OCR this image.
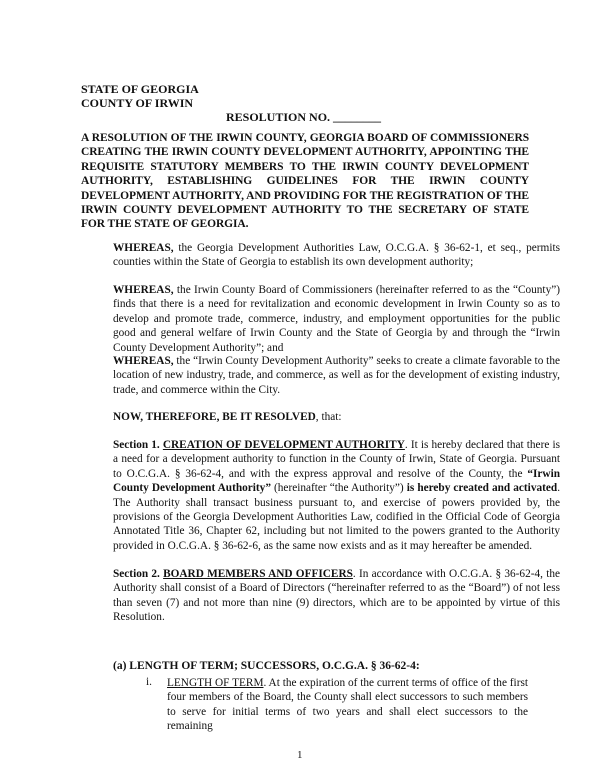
STATE OF GEORGIA
COUNTY OF IRWIN
RESOLUTION NO. ________
A RESOLUTION OF THE IRWIN COUNTY, GEORGIA BOARD OF COMMISSIONERS CREATING THE IRWIN COUNTY DEVELOPMENT AUTHORITY, APPOINTING THE REQUISITE STATUTORY MEMBERS TO THE IRWIN COUNTY DEVELOPMENT AUTHORITY, ESTABLISHING GUIDELINES FOR THE IRWIN COUNTY DEVELOPMENT AUTHORITY, AND PROVIDING FOR THE REGISTRATION OF THE IRWIN COUNTY DEVELOPMENT AUTHORITY TO THE SECRETARY OF STATE FOR THE STATE OF GEORGIA.
WHEREAS, the Georgia Development Authorities Law, O.C.G.A. § 36-62-1, et seq., permits counties within the State of Georgia to establish its own development authority;
WHEREAS, the Irwin County Board of Commissioners (hereinafter referred to as the “County”) finds that there is a need for revitalization and economic development in Irwin County so as to develop and promote trade, commerce, industry, and employment opportunities for the public good and general welfare of Irwin County and the State of Georgia by and through the “Irwin County Development Authority”; and
WHEREAS, the “Irwin County Development Authority” seeks to create a climate favorable to the location of new industry, trade, and commerce, as well as for the development of existing industry, trade, and commerce within the City.
NOW, THEREFORE, BE IT RESOLVED, that:
Section 1. CREATION OF DEVELOPMENT AUTHORITY. It is hereby declared that there is a need for a development authority to function in the County of Irwin, State of Georgia. Pursuant to O.C.G.A. § 36-62-4, and with the express approval and resolve of the County, the “Irwin County Development Authority” (hereinafter “the Authority”) is hereby created and activated. The Authority shall transact business pursuant to, and exercise of powers provided by, the provisions of the Georgia Development Authorities Law, codified in the Official Code of Georgia Annotated Title 36, Chapter 62, including but not limited to the powers granted to the Authority provided in O.C.G.A. § 36-62-6, as the same now exists and as it may hereafter be amended.
Section 2. BOARD MEMBERS AND OFFICERS. In accordance with O.C.G.A. § 36-62-4, the Authority shall consist of a Board of Directors (“hereinafter referred to as the “Board”) of not less than seven (7) and not more than nine (9) directors, which are to be appointed by virtue of this Resolution.
(a) LENGTH OF TERM; SUCCESSORS, O.C.G.A. § 36-62-4:
i. LENGTH OF TERM. At the expiration of the current terms of office of the first four members of the Board, the County shall elect successors to such members to serve for initial terms of two years and shall elect successors to the remaining
1
